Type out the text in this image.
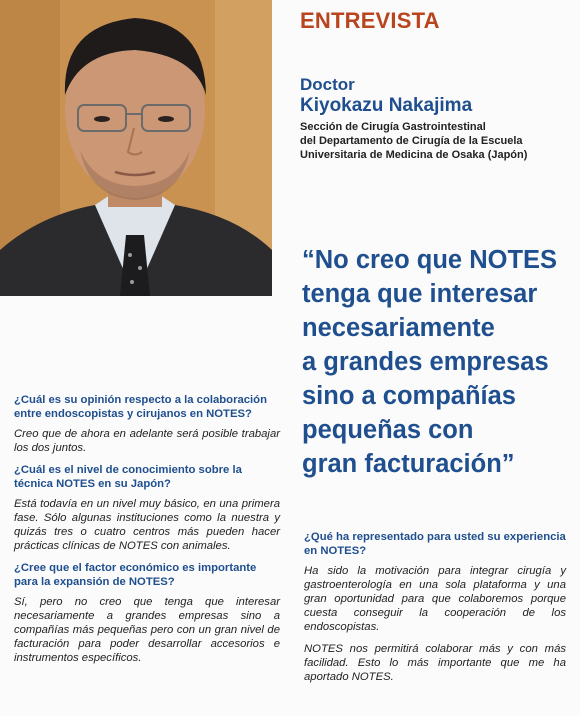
ENTREVISTA
Doctor
Kiyokazu Nakajima
Sección de Cirugía Gastrointestinal
del Departamento de Cirugía de la Escuela
Universitaria de Medicina de Osaka (Japón)
“No creo que NOTES
tenga que interesar
necesariamente
a grandes empresas
sino a compañías
pequeñas con
gran facturación”

¿Cuál es su opinión respecto a la colaboración entre endoscopistas y cirujanos en NOTES?

Creo que de ahora en adelante será posible trabajar los dos juntos.

¿Cuál es el nivel de conocimiento sobre la técnica NOTES en su Japón?

Está todavía en un nivel muy básico, en una primera fase. Sólo algunas instituciones como la nuestra y quizás tres o cuatro centros más pueden hacer prácticas clínicas de NOTES con animales.

¿Cree que el factor económico es importante para la expansión de NOTES?

Sí, pero no creo que tenga que interesar necesariamente a grandes empresas sino a compañías más pequeñas pero con un gran nivel de facturación para poder desarrollar accesorios e instrumentos específicos.

¿Qué ha representado para usted su experiencia en NOTES?

Ha sido la motivación para integrar cirugía y gastroenterología en una sola plataforma y una gran oportunidad para que colaboremos porque cuesta conseguir la cooperación de los endoscopistas.

NOTES nos permitirá colaborar más y con más facilidad. Esto lo más importante que me ha aportado NOTES.
